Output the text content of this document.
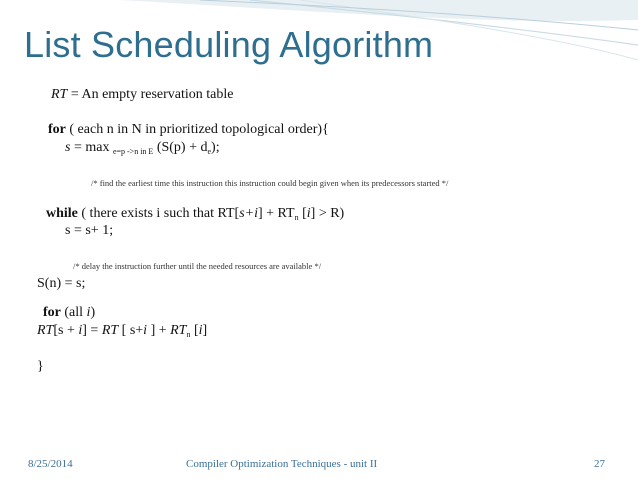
List Scheduling Algorithm
RT = An empty reservation table
for ( each n in N in prioritized topological order){
s = max $_{e=p ->n in E}$ $(S(p) + d_e)$;
/* find the earliest time this instruction this instruction could begin given when its predecessors started */
while ( there exists i such that $RT[s+i] + RT_n$ [i] > R)
s = s+ 1;
/* delay the instruction further until the needed resources are available */
S(n) = s;
for (all i)
RT[s + i] = RT [ s+i ] + $RT_n$ [i]
}
8/25/2014	Compiler Optimization Techniques - unit II	27
